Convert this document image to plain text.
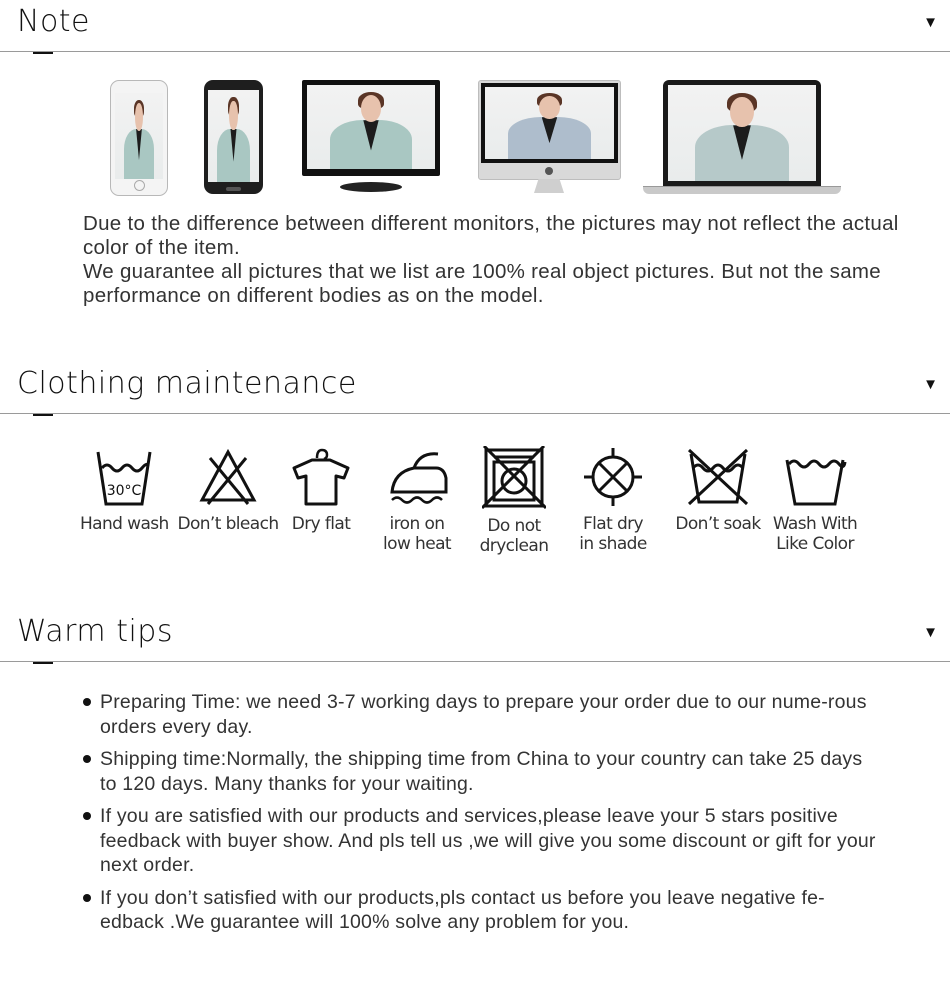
Note	▼

Due to the difference between different monitors, the pictures may not reflect the actual color of the item.

We guarantee all pictures that we list are 100% real object pictures. But not the same performance on different bodies as on the model.

Clothing maintenance	▼
30°C
Hand wash Don’t bleach Dry flat	iron on
low heat
Do not
dryclean
Flat dry
in shade
Don’t soak Wash With
Like Color
Warm tips	▼
Preparing Time: we need 3-7 working days to prepare your order due to our nume-rous orders every day.
Shipping time:Normally, the shipping time from China to your country can take 25 days to 120 days. Many thanks for your waiting.
If you are satisfied with our products and services,please leave your 5 stars positive feedback with buyer show. And pls tell us ,we will give you some discount or gift for your next order.
If you don’t satisfied with our products,pls contact us before you leave negative fe-edback .We guarantee will 100% solve any problem for you.
